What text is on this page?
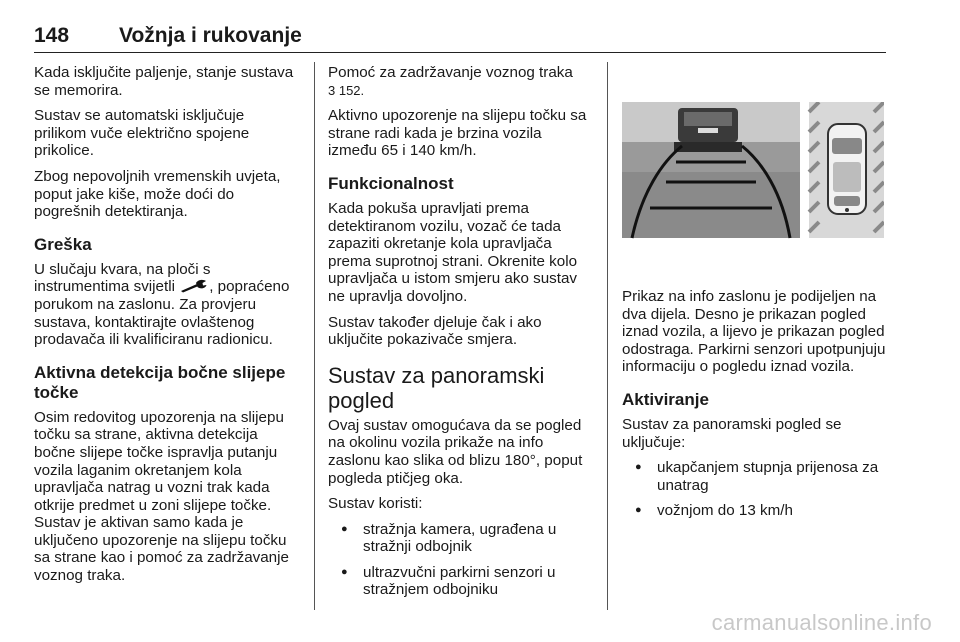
148 Vožnja i rukovanje

Kada isključite paljenje, stanje sustava se memorira.

Sustav se automatski isključuje prilikom vuče električno spojene prikolice.

Zbog nepovoljnih vremenskih uvjeta, poput jake kiše, može doći do pogrešnih detektiranja.

Greška

U slučaju kvara, na ploči s instrumentima svijetli , popraćeno porukom na zaslonu. Za provjeru sustava, kontaktirajte ovlaštenog prodavača ili kvalificiranu radionicu.

Aktivna detekcija bočne slijepe točke

Osim redovitog upozorenja na slijepu točku sa strane, aktivna detekcija bočne slijepe točke ispravlja putanju vozila laganim okretanjem kola upravljača natrag u vozni trak kada otkrije predmet u zoni slijepe točke. Sustav je aktivan samo kada je uključeno upozorenje na slijepu točku sa strane kao i pomoć za zadržavanje voznog traka.

Pomoć za zadržavanje voznog traka
3 152.

Aktivno upozorenje na slijepu točku sa strane radi kada je brzina vozila između 65 i 140 km/h.

Funkcionalnost

Kada pokuša upravljati prema detektiranom vozilu, vozač će tada zapaziti okretanje kola upravljača prema suprotnoj strani. Okrenite kolo upravljača u istom smjeru ako sustav ne upravlja dovoljno.

Sustav također djeluje čak i ako uključite pokazivače smjera.

Sustav za panoramski pogled

Ovaj sustav omogućava da se pogled na okolinu vozila prikaže na info zaslonu kao slika od blizu 180°, poput pogleda ptičjeg oka.

Sustav koristi:

● stražnja kamera, ugrađena u stražnji odbojnik
● ultrazvučni parkirni senzori u stražnjem odbojniku

Prikaz na info zaslonu je podijeljen na dva dijela. Desno je prikazan pogled iznad vozila, a lijevo je prikazan pogled odostraga. Parkirni senzori upotpunjuju informaciju o pogledu iznad vozila.

Aktiviranje

Sustav za panoramski pogled se uključuje:

● ukapčanjem stupnja prijenosa za unatrag
● vožnjom do 13 km/h
carmanualsonline.info
